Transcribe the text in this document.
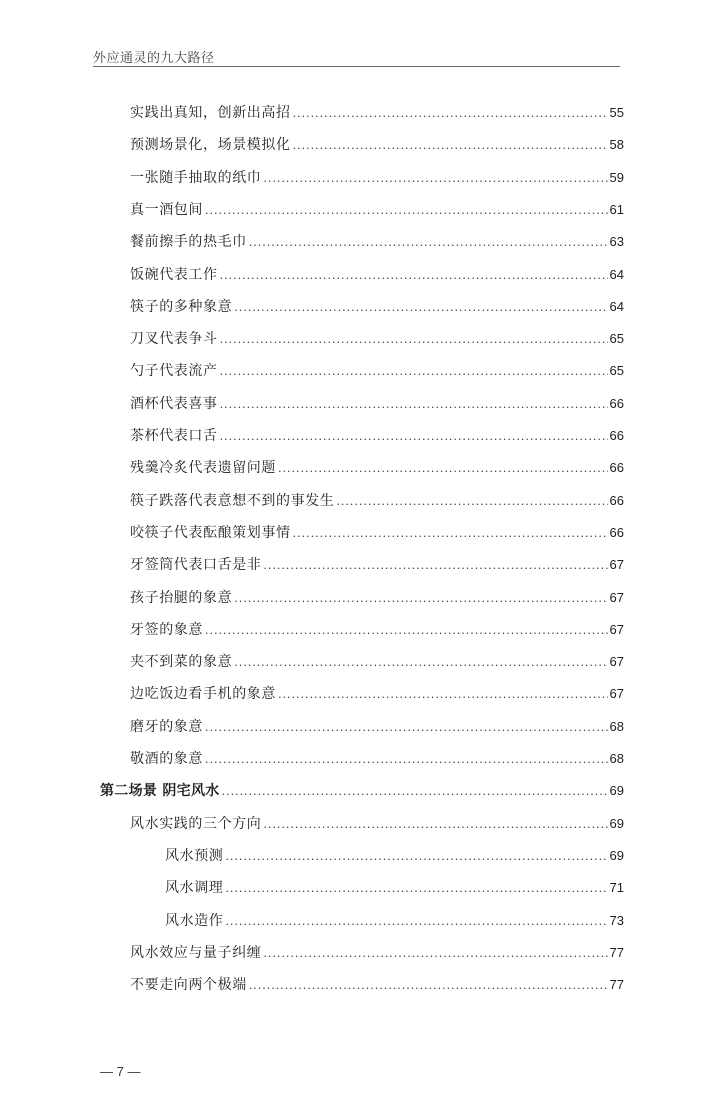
外应通灵的九大路径
实践出真知，创新出高招 .....	55
预测场景化，场景模拟化 .....	58
一张随手抽取的纸巾 .....	59
真一酒包间 .....	61
餐前擦手的热毛巾 .....	63
饭碗代表工作 .....	64
筷子的多种象意 .....	64
刀叉代表争斗 .....	65
勺子代表流产 .....	65
酒杯代表喜事 .....	66
茶杯代表口舌 .....	66
残羹冷炙代表遗留问题 .....	66
筷子跌落代表意想不到的事发生 .....	66
咬筷子代表酝酿策划事情 .....	66
牙签筒代表口舌是非 .....	67
孩子抬腿的象意 .....	67
牙签的象意 .....	67
夹不到菜的象意 .....	67
边吃饭边看手机的象意 .....	67
磨牙的象意 .....	68
敬酒的象意 .....	68
第二场景 阴宅风水 .....	69
风水实践的三个方向 .....	69
风水预测 .....	69
风水调理 .....	71
风水造作 .....	73
风水效应与量子纠缠 .....	77
不要走向两个极端 .....	77
— 7 —
